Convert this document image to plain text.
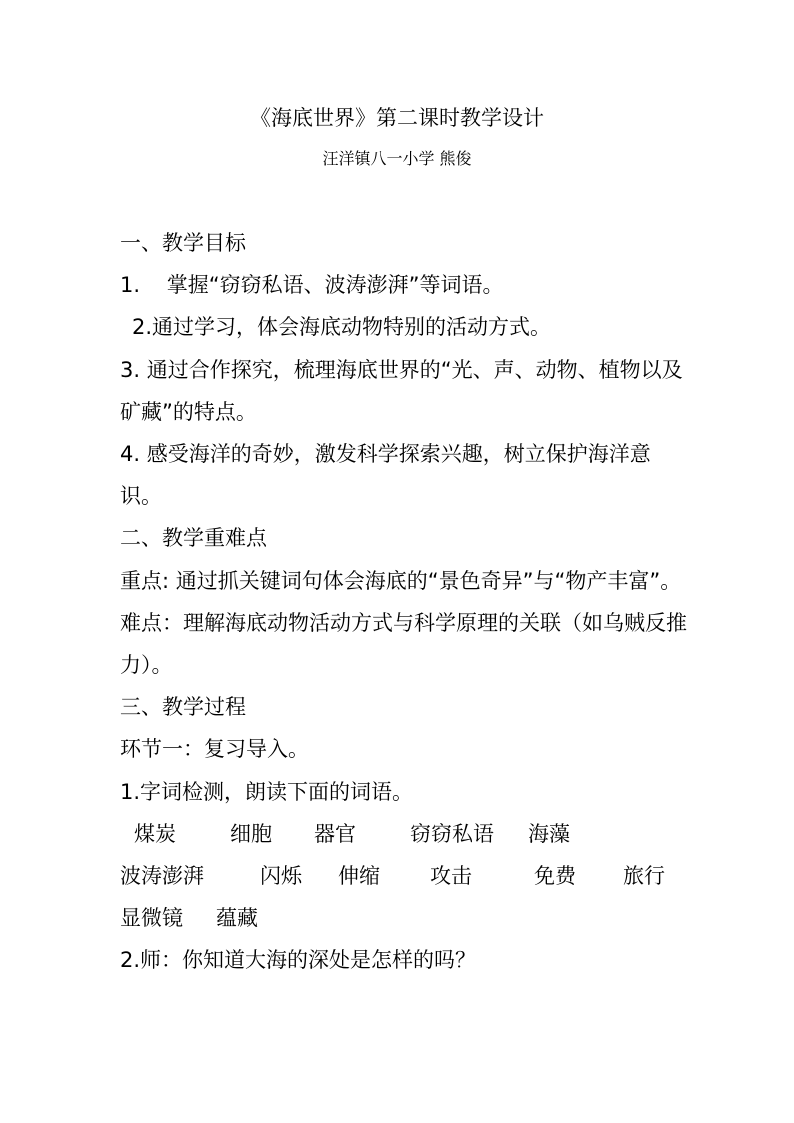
《海底世界》第二课时教学设计
汪洋镇八一小学 熊俊

一、教学目标

1.    掌握“窃窃私语、波涛澎湃”等词语。

2.通过学习，体会海底动物特别的活动方式。

3. 通过合作探究，梳理海底世界的“光、声、动物、植物以及矿藏”的特点。

4. 感受海洋的奇妙，激发科学探索兴趣，树立保护海洋意识。

二、教学重难点

重点: 通过抓关键词句体会海底的“景色奇异”与“物产丰富”。

难点：理解海底动物活动方式与科学原理的关联（如乌贼反推力）。

三、教学过程

环节一：复习导入。

1.字词检测，朗读下面的词语。

煤炭	细胞	器官	窃窃私语	海藻
波涛澎湃	闪烁	伸缩	攻击	免费	旅行
显微镜	蕴藏

2.师：你知道大海的深处是怎样的吗？
